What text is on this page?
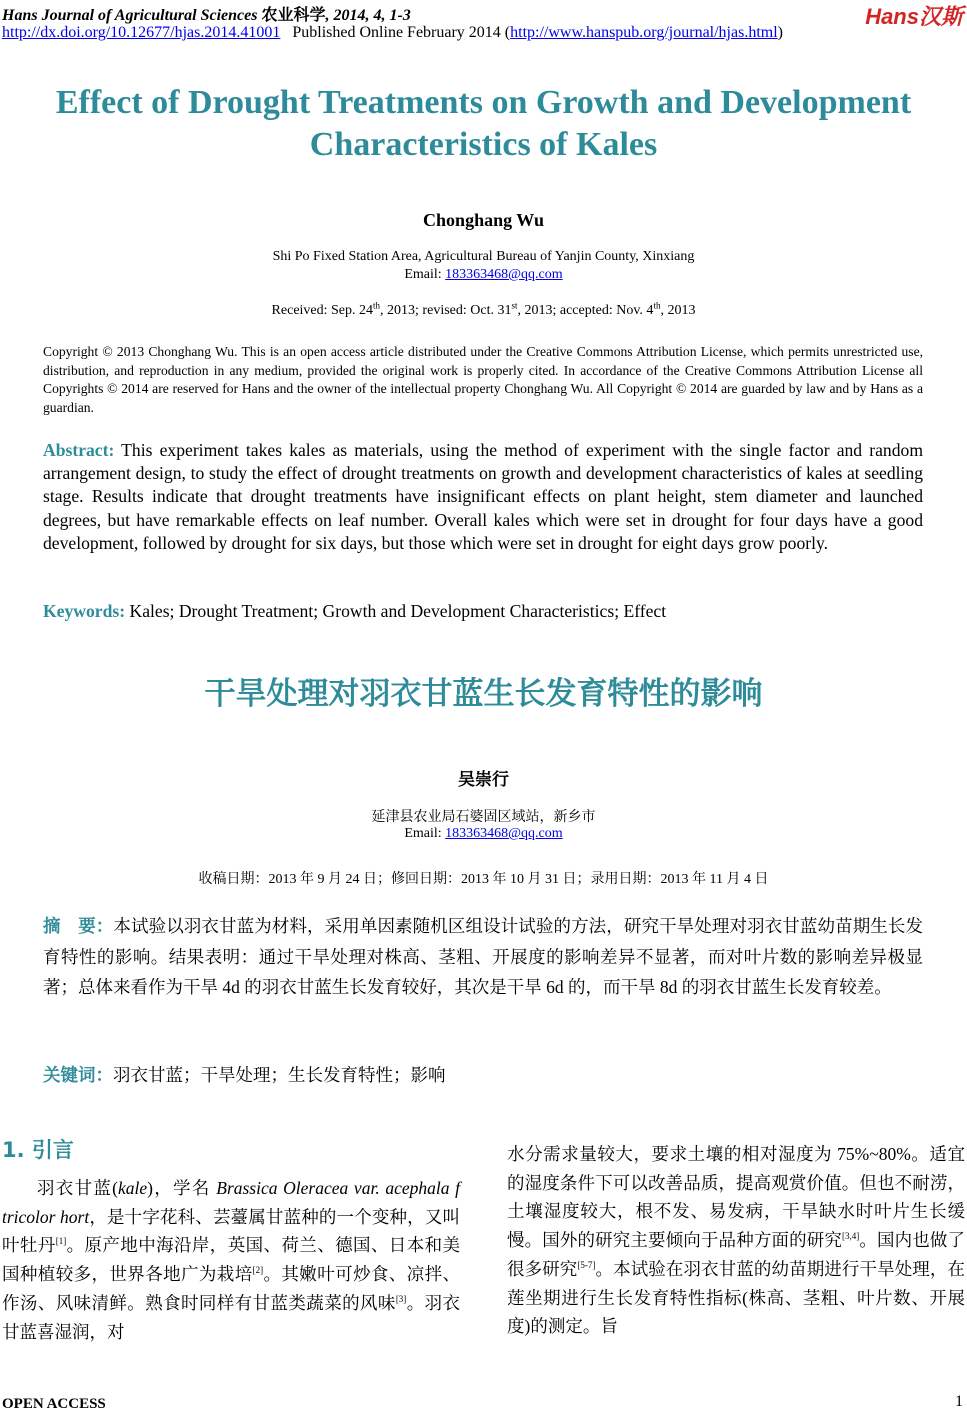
Hans Journal of Agricultural Sciences 农业科学, 2014, 4, 1-3	Hans汉斯
http://dx.doi.org/10.12677/hjas.2014.41001 Published Online February 2014 (http://www.hanspub.org/journal/hjas.html)
Effect of Drought Treatments on Growth and Development Characteristics of Kales
Chonghang Wu
Shi Po Fixed Station Area, Agricultural Bureau of Yanjin County, Xinxiang
Email: 183363468@qq.com
Received: Sep. 24th, 2013; revised: Oct. 31st, 2013; accepted: Nov. 4th, 2013
Copyright © 2013 Chonghang Wu. This is an open access article distributed under the Creative Commons Attribution License, which permits unrestricted use, distribution, and reproduction in any medium, provided the original work is properly cited. In accordance of the Creative Commons Attribution License all Copyrights © 2014 are reserved for Hans and the owner of the intellectual property Chonghang Wu. All Copyright © 2014 are guarded by law and by Hans as a guardian.
Abstract: This experiment takes kales as materials, using the method of experiment with the single factor and random arrangement design, to study the effect of drought treatments on growth and development characteristics of kales at seedling stage. Results indicate that drought treatments have insignificant effects on plant height, stem diameter and launched degrees, but have remarkable effects on leaf number. Overall kales which were set in drought for four days have a good development, followed by drought for six days, but those which were set in drought for eight days grow poorly.
Keywords: Kales; Drought Treatment; Growth and Development Characteristics; Effect
干旱处理对羽衣甘蓝生长发育特性的影响
吴崇行
延津县农业局石婆固区域站，新乡市
Email: 183363468@qq.com
收稿日期：2013 年 9 月 24 日；修回日期：2013 年 10 月 31 日；录用日期：2013 年 11 月 4 日
摘　要：本试验以羽衣甘蓝为材料，采用单因素随机区组设计试验的方法，研究干旱处理对羽衣甘蓝幼苗期生长发育特性的影响。结果表明：通过干旱处理对株高、茎粗、开展度的影响差异不显著，而对叶片数的影响差异极显著；总体来看作为干旱 4d 的羽衣甘蓝生长发育较好，其次是干旱 6d 的，而干旱 8d 的羽衣甘蓝生长发育较差。
关键词：羽衣甘蓝；干旱处理；生长发育特性；影响
1. 引言

羽衣甘蓝(kale)，学名 Brassica Oleracea var. acephala f tricolor hort，是十字花科、芸薹属甘蓝种的一个变种，又叫叶牡丹[1]。原产地中海沿岸，英国、荷兰、德国、日本和美国种植较多，世界各地广为栽培[2]。其嫩叶可炒食、凉拌、作汤、风味清鲜。熟食时同样有甘蓝类蔬菜的风味[3]。羽衣甘蓝喜湿润，对

水分需求量较大，要求土壤的相对湿度为 75%~80%。适宜的湿度条件下可以改善品质，提高观赏价值。但也不耐涝，土壤湿度较大，根不发、易发病，干旱缺水时叶片生长缓慢。国外的研究主要倾向于品种方面的研究[3,4]。国内也做了很多研究[5-7]。本试验在羽衣甘蓝的幼苗期进行干旱处理，在莲坐期进行生长发育特性指标(株高、茎粗、叶片数、开展度)的测定。旨

OPEN ACCESS	1
